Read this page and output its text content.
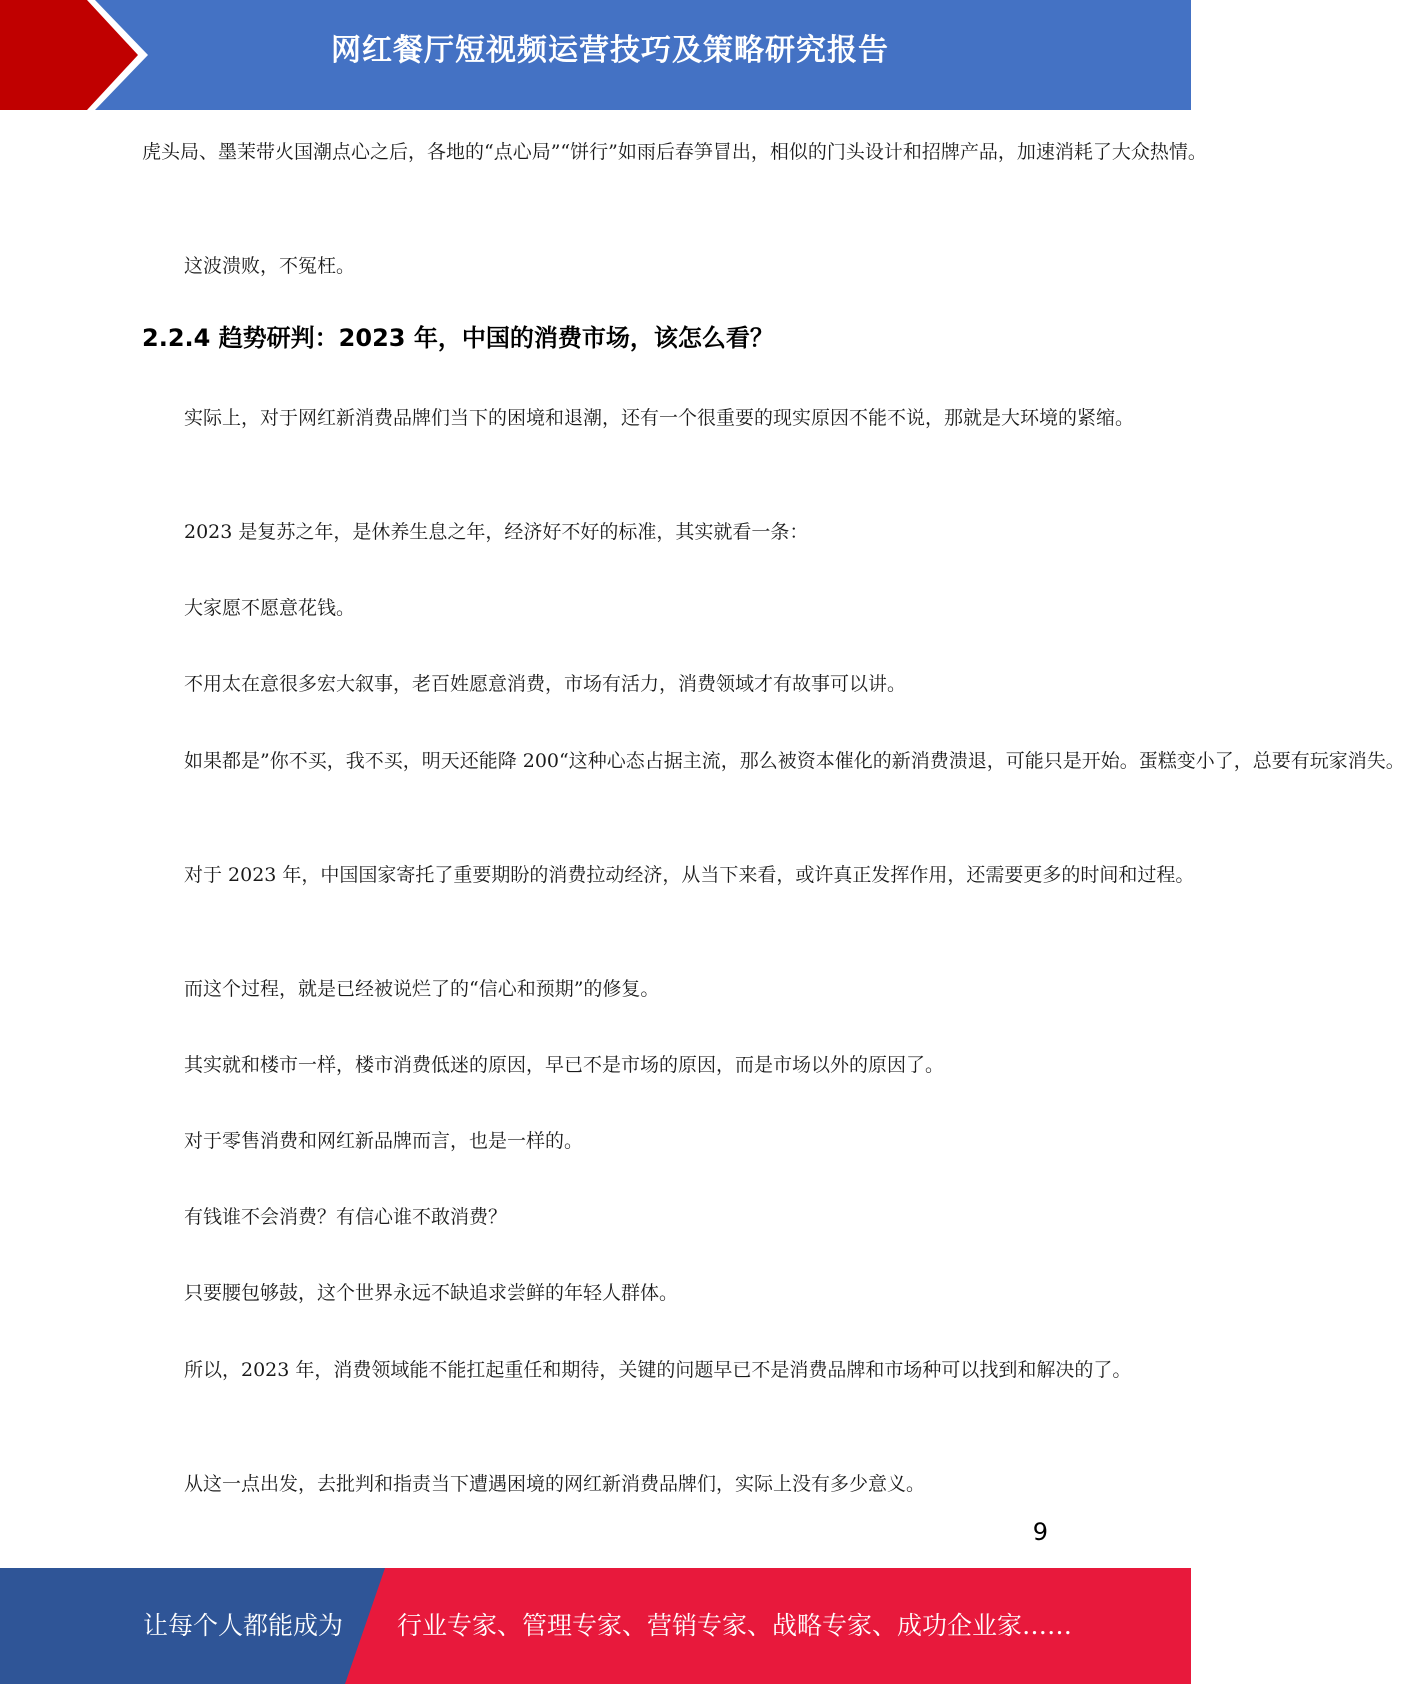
网红餐厅短视频运营技巧及策略研究报告

虎头局、墨茉带火国潮点心之后，各地的“点心局”“饼行”如雨后春笋冒出，相似的门头设计和招牌产品，加速消耗了大众热情。

这波溃败，不冤枉。

2.2.4 趋势研判：2023 年，中国的消费市场，该怎么看？

实际上，对于网红新消费品牌们当下的困境和退潮，还有一个很重要的现实原因不能不说，那就是大环境的紧缩。

2023 是复苏之年，是休养生息之年，经济好不好的标准，其实就看一条：

大家愿不愿意花钱。

不用太在意很多宏大叙事，老百姓愿意消费，市场有活力，消费领域才有故事可以讲。

如果都是”你不买，我不买，明天还能降 200“这种心态占据主流，那么被资本催化的新消费溃退，可能只是开始。蛋糕变小了，总要有玩家消失。

对于 2023 年，中国国家寄托了重要期盼的消费拉动经济，从当下来看，或许真正发挥作用，还需要更多的时间和过程。

而这个过程，就是已经被说烂了的“信心和预期”的修复。

其实就和楼市一样，楼市消费低迷的原因，早已不是市场的原因，而是市场以外的原因了。

对于零售消费和网红新品牌而言，也是一样的。

有钱谁不会消费？有信心谁不敢消费？

只要腰包够鼓，这个世界永远不缺追求尝鲜的年轻人群体。

所以，2023 年，消费领域能不能扛起重任和期待，关键的问题早已不是消费品牌和市场种可以找到和解决的了。

从这一点出发，去批判和指责当下遭遇困境的网红新消费品牌们，实际上没有多少意义。

9
让每个人都能成为 行业专家、管理专家、营销专家、战略专家、成功企业家……
